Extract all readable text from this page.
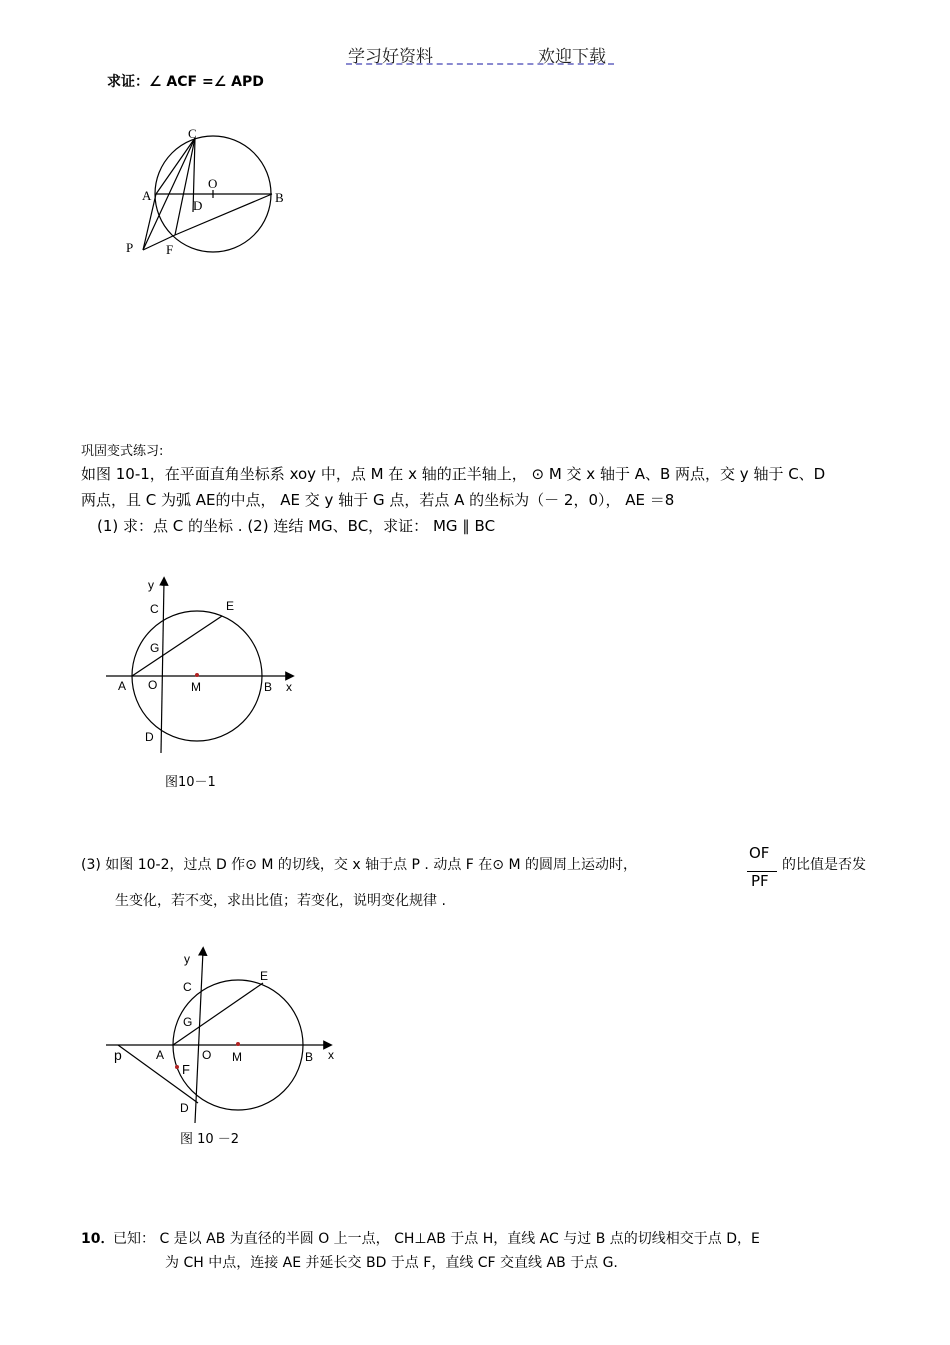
学习好资料	欢迎下载
求证：∠ ACF =∠ APD
C
O
A
D
B
P	F
巩固变式练习:
如图 10-1，在平面直角坐标系 xoy 中，点 M 在 x 轴的正半轴上， ⊙ M 交 x 轴于 A、B 两点，交 y 轴于 C、D
两点，且 C 为弧 AE的中点， AE 交 y 轴于 G 点，若点 A 的坐标为（－ 2，0）， AE ＝8
(1) 求：点 C 的坐标 . (2) 连结 MG、BC，求证： MG ∥ BC
y
C	E
G
A O	M	B x
D
图10－1
(3) 如图 10-2，过点 D 作⊙ M 的切线，交 x 轴于点 P . 动点 F 在⊙ M 的圆周上运动时，
OF
PF
的比值是否发
生变化，若不变，求出比值；若变化，说明变化规律 .
y
C
E
G
p	A	O M	B x
F
D
图 10 －2
10．
已知： C 是以 AB 为直径的半圆 O 上一点， CH⊥AB 于点 H，直线 AC 与过 B 点的切线相交于点 D，E
为 CH 中点，连接 AE 并延长交 BD 于点 F，直线 CF 交直线 AB 于点 G.
